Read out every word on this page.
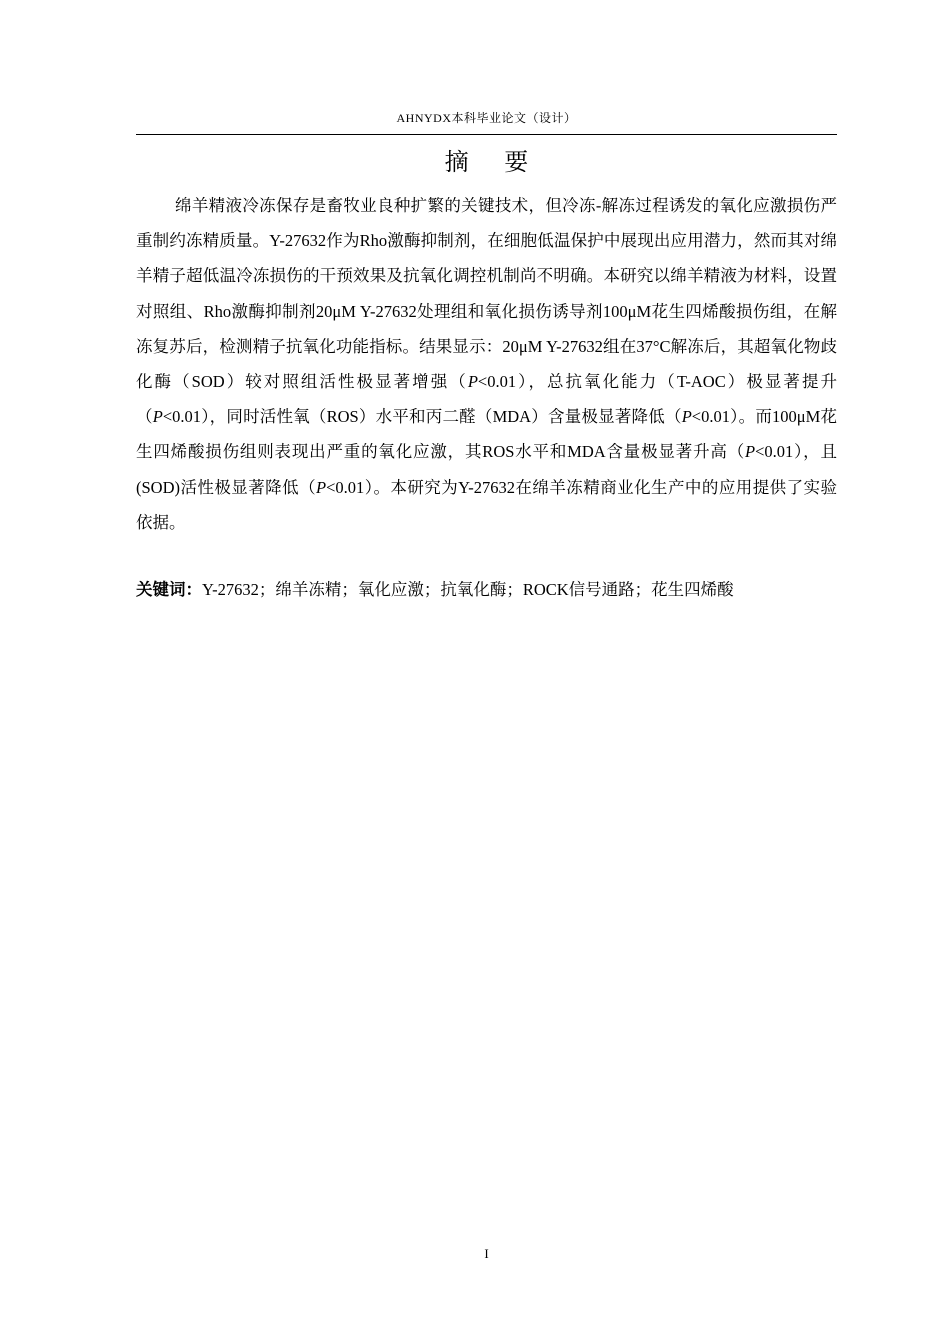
AHNYDX本科毕业论文（设计）
摘 要

绵羊精液冷冻保存是畜牧业良种扩繁的关键技术，但冷冻-解冻过程诱发的氧化应激损伤严重制约冻精质量。Y-27632作为Rho激酶抑制剂，在细胞低温保护中展现出应用潜力，然而其对绵羊精子超低温冷冻损伤的干预效果及抗氧化调控机制尚不明确。本研究以绵羊精液为材料，设置对照组、Rho激酶抑制剂20μM Y-27632处理组和氧化损伤诱导剂100μM花生四烯酸损伤组，在解冻复苏后，检测精子抗氧化功能指标。结果显示：20μM Y-27632组在37°C解冻后，其超氧化物歧化酶（SOD）较对照组活性极显著增强（P<0.01），总抗氧化能力（T-AOC）极显著提升（P<0.01），同时活性氧（ROS）水平和丙二醛（MDA）含量极显著降低（P<0.01）。而100μM花生四烯酸损伤组则表现出严重的氧化应激，其ROS水平和MDA含量极显著升高（P<0.01），且(SOD)活性极显著降低（P<0.01）。本研究为Y-27632在绵羊冻精商业化生产中的应用提供了实验依据。

关键词：Y-27632；绵羊冻精；氧化应激；抗氧化酶；ROCK信号通路；花生四烯酸
I
